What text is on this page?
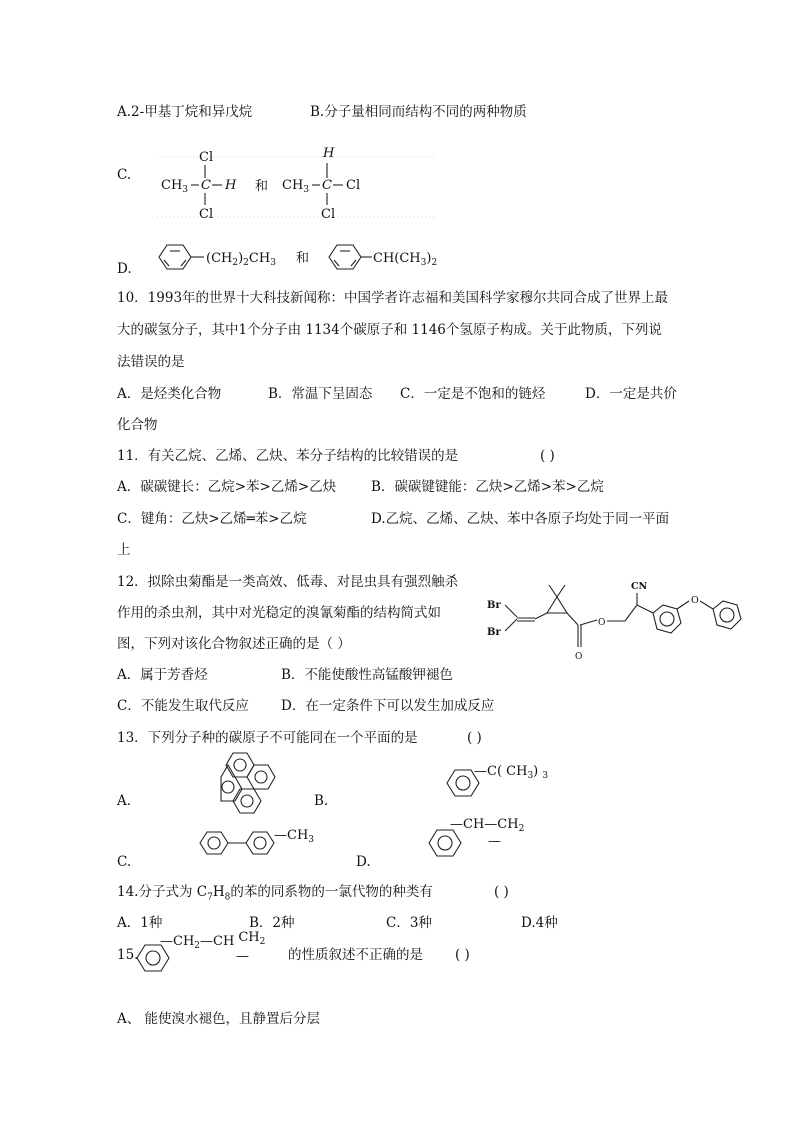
A.2-甲基丁烷和异戊烷	B.分子量相同而结构不同的两种物质
C.
Cl
$CH_3$ C H
Cl
和
H
$CH_3$ C Cl
Cl
D.
$(CH_2)_2CH_3$ 和	$CH(CH_3)_2$
10．1993年的世界十大科技新闻称：中国学者许志福和美国科学家穆尔共同合成了世界上最
大的碳氢分子，其中1个分子由 1134个碳原子和 1146个氢原子构成。关于此物质，下列说
法错误的是
A．是烃类化合物	B．常温下呈固态 C．一定是不饱和的链烃	D．一定是共价
化合物
11．有关乙烷、乙烯、乙炔、苯分子结构的比较错误的是	( )
A．碳碳键长：乙烷>苯>乙烯>乙炔	B．碳碳键键能：乙炔>乙烯>苯>乙烷
C．键角：乙炔>乙烯═苯>乙烷	D.乙烷、乙烯、乙炔、苯中各原子均处于同一平面
上
12．拟除虫菊酯是一类高效、低毒、对昆虫具有强烈触杀
作用的杀虫剂，其中对光稳定的溴氰菊酯的结构简式如
图，下列对该化合物叙述正确的是（ ）
A．属于芳香烃	B．不能使酸性高锰酸钾褪色
C．不能发生取代反应 D．在一定条件下可以发生加成反应
Br
Br
O
O
CN
O
13．下列分子种的碳原子不可能同在一个平面的是	( )
A．	B.
—C( $CH_3$) $_3$
C.
$—CH_3$
D.
$—CH—CH_2$
—
14.分子式为 $C_7H_8$的苯的同系物的一氯代物的种类有	( )
A．1种	B．2种	C．3种	D.4种
15.
$—CH_2—CH$ $CH_2$
—	的性质叙述不正确的是 ( )
A、 能使溴水褪色，且静置后分层
